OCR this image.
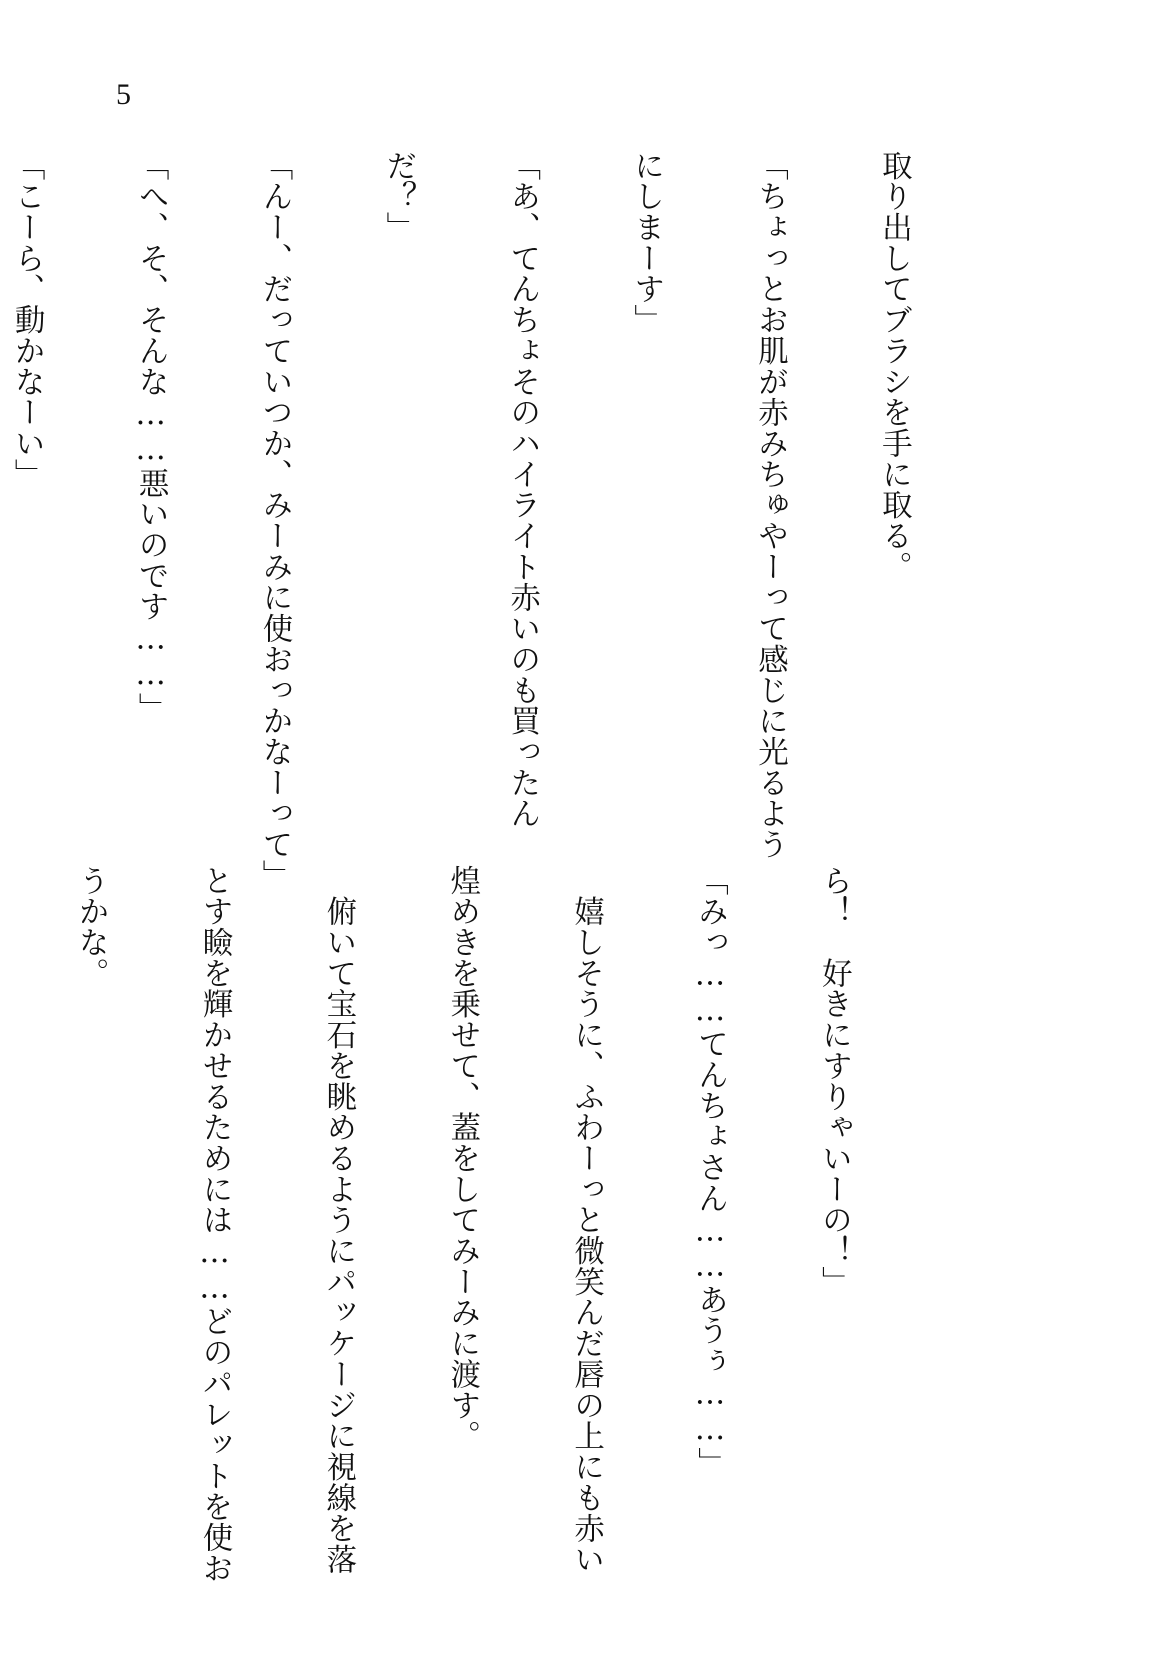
5

取り出してブラシを手に取る。

「ちょっとお肌が赤みちゅやーって感じに光るよう

にしまーす」

「あ、てんちょそのハイライト赤いのも買ったん

だ？」

「んー、だっていつか、みーみに使おっかなーって」

「へ、そ、そんな……悪いのです……」

「こーら、動かなーい」

ら！　好きにすりゃいーの！」

「みっ……てんちょさん……あうぅ……」

　嬉しそうに、ふわーっと微笑んだ唇の上にも赤い

煌めきを乗せて、蓋をしてみーみに渡す。

　俯いて宝石を眺めるようにパッケージに視線を落

とす瞼を輝かせるためには……どのパレットを使お

うかな。
